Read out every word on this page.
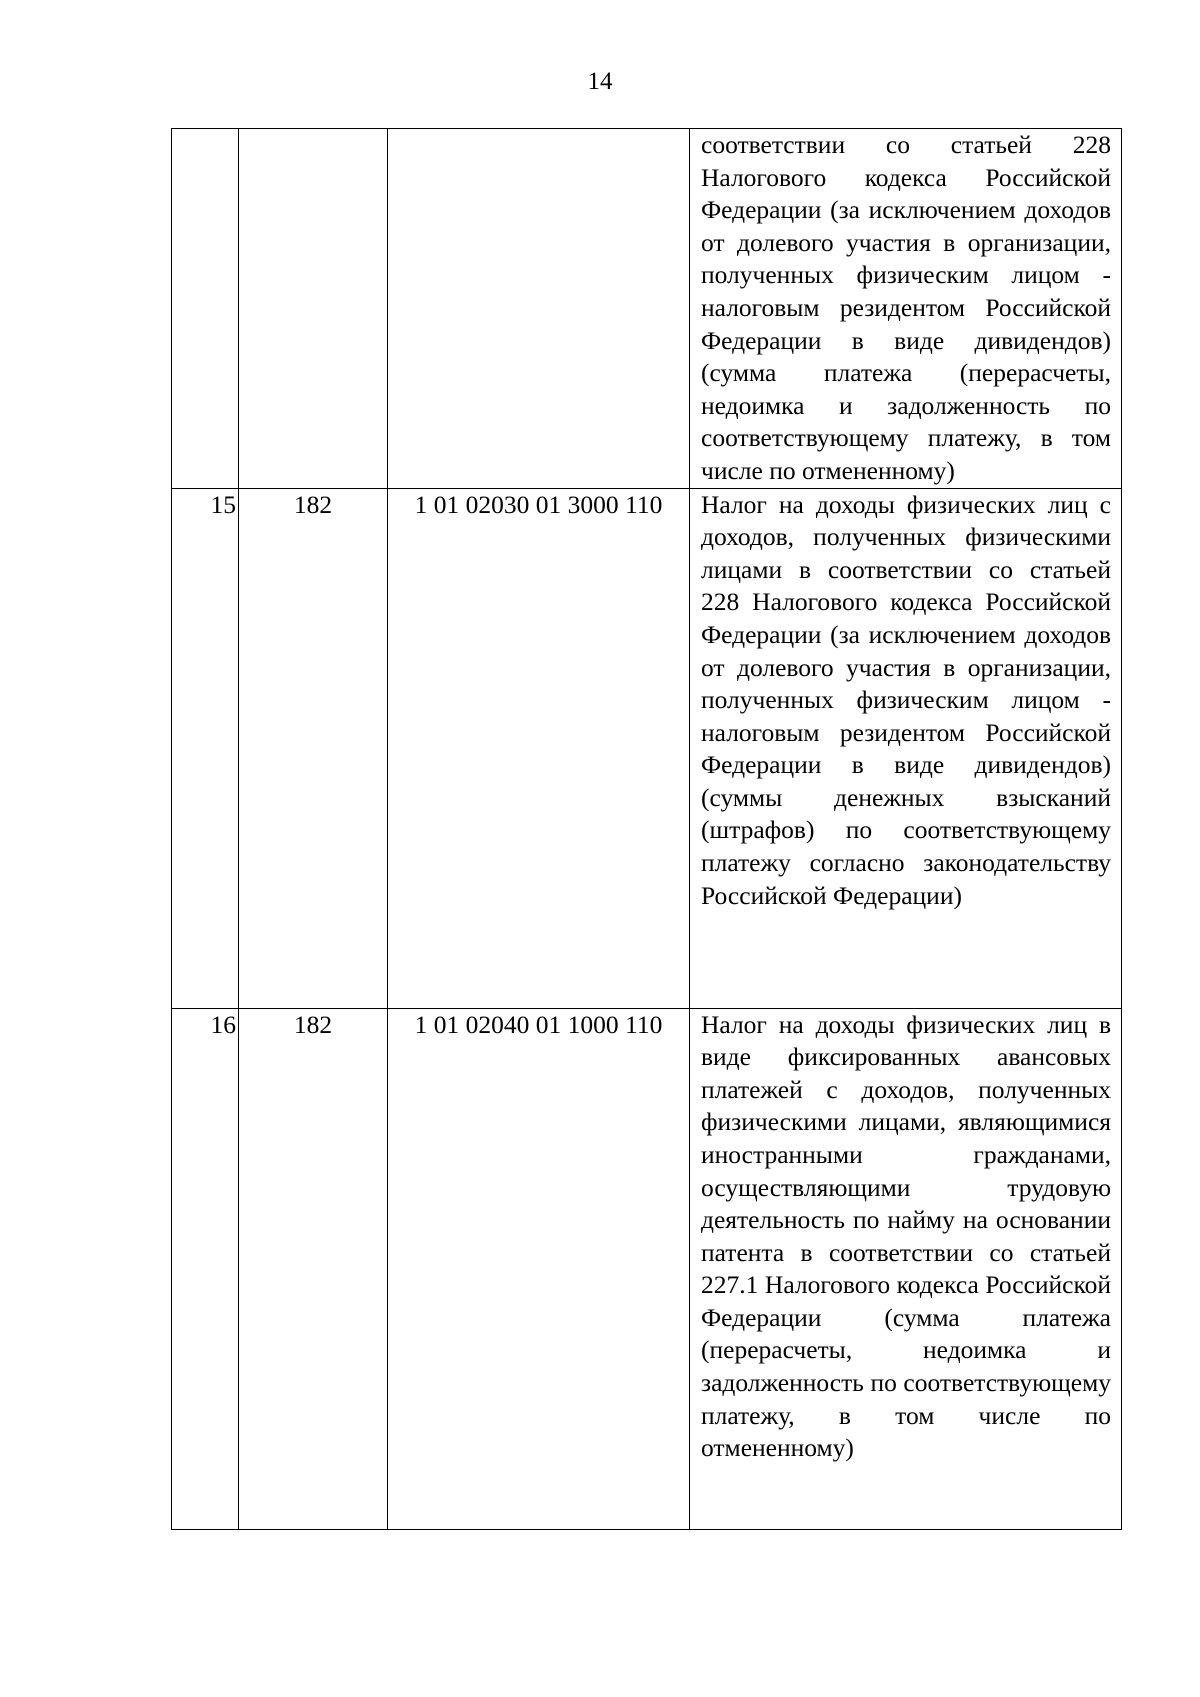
14
			соответствии со статьей 228 Налогового кодекса Российской Федерации (за исключением доходов от долевого участия в организации, полученных физическим лицом - налоговым резидентом Российской Федерации в виде дивидендов) (сумма платежа (перерасчеты, недоимка и задолженность по соответствующему платежу, в том числе по отмененному)
15	182	1 01 02030 01 3000 110	Налог на доходы физических лиц с доходов, полученных физическими лицами в соответствии со статьей 228 Налогового кодекса Российской Федерации (за исключением доходов от долевого участия в организации, полученных физическим лицом - налоговым резидентом Российской Федерации в виде дивидендов) (суммы денежных взысканий (штрафов) по соответствующему платежу согласно законодательству Российской Федерации)
16	182	1 01 02040 01 1000 110	Налог на доходы физических лиц в виде фиксированных авансовых платежей с доходов, полученных физическими лицами, являющимися иностранными гражданами, осуществляющими трудовую деятельность по найму на основании патента в соответствии со статьей 227.1 Налогового кодекса Российской Федерации (сумма платежа (перерасчеты, недоимка и задолженность по соответствующему платежу, в том числе по отмененному)
